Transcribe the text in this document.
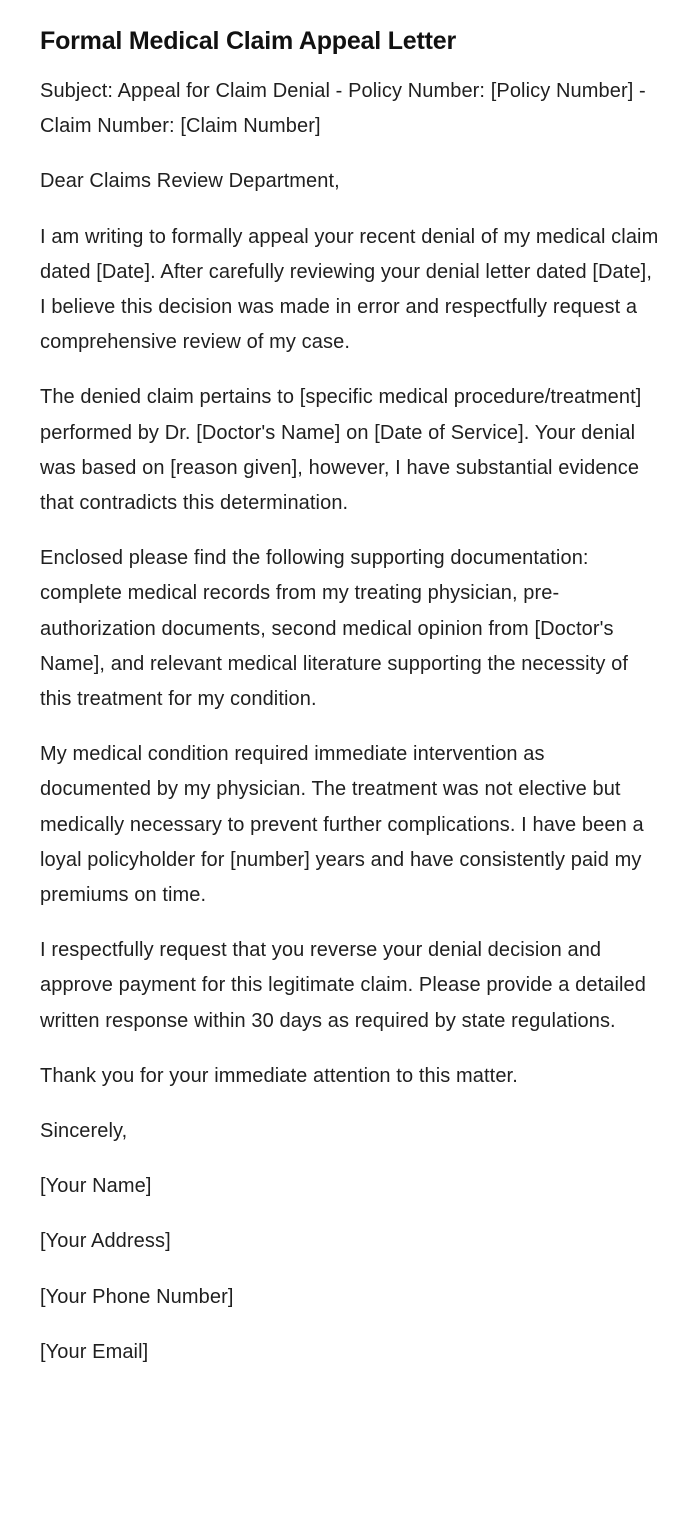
Formal Medical Claim Appeal Letter

Subject: Appeal for Claim Denial - Policy Number: [Policy Number] - Claim Number: [Claim Number]

Dear Claims Review Department,

I am writing to formally appeal your recent denial of my medical claim dated [Date]. After carefully reviewing your denial letter dated [Date], I believe this decision was made in error and respectfully request a comprehensive review of my case.

The denied claim pertains to [specific medical procedure/treatment] performed by Dr. [Doctor's Name] on [Date of Service]. Your denial was based on [reason given], however, I have substantial evidence that contradicts this determination.

Enclosed please find the following supporting documentation: complete medical records from my treating physician, pre-authorization documents, second medical opinion from [Doctor's Name], and relevant medical literature supporting the necessity of this treatment for my condition.

My medical condition required immediate intervention as documented by my physician. The treatment was not elective but medically necessary to prevent further complications. I have been a loyal policyholder for [number] years and have consistently paid my premiums on time.

I respectfully request that you reverse your denial decision and approve payment for this legitimate claim. Please provide a detailed written response within 30 days as required by state regulations.

Thank you for your immediate attention to this matter.

Sincerely,

[Your Name]

[Your Address]

[Your Phone Number]

[Your Email]
